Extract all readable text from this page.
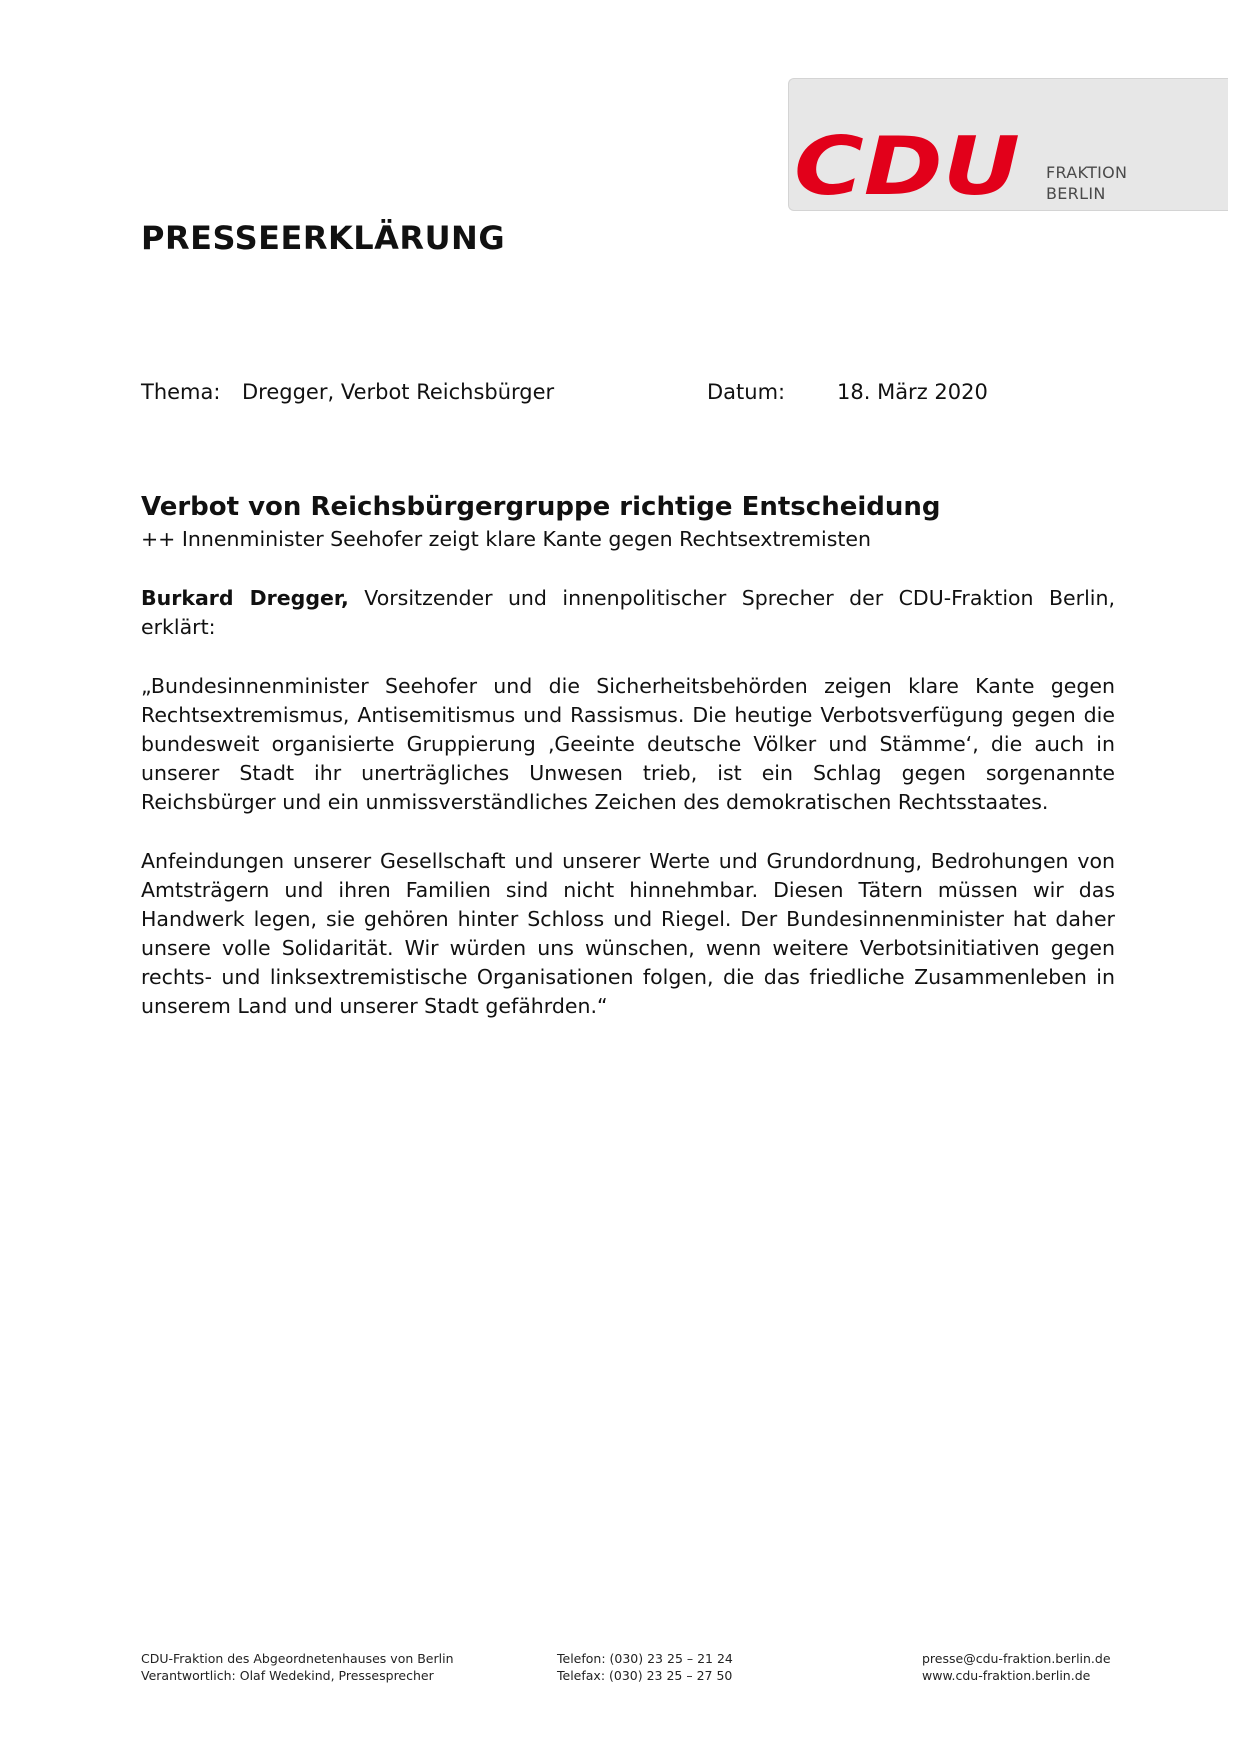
CDU FRAKTION
BERLIN
PRESSEERKLÄRUNG
Thema: Dregger, Verbot Reichsbürger	Datum: 18. März 2020

Verbot von Reichsbürgergruppe richtige Entscheidung

++ Innenminister Seehofer zeigt klare Kante gegen Rechtsextremisten

Burkard Dregger, Vorsitzender und innenpolitischer Sprecher der CDU-Fraktion Berlin, erklärt:

„Bundesinnenminister Seehofer und die Sicherheitsbehörden zeigen klare Kante gegen Rechtsextremismus, Antisemitismus und Rassismus. Die heutige Verbotsverfügung gegen die bundesweit organisierte Gruppierung ‚Geeinte deutsche Völker und Stämme‘, die auch in unserer Stadt ihr unerträgliches Unwesen trieb, ist ein Schlag gegen sorgenannte Reichsbürger und ein unmissverständliches Zeichen des demokratischen Rechtsstaates.

Anfeindungen unserer Gesellschaft und unserer Werte und Grundordnung, Bedrohungen von Amtsträgern und ihren Familien sind nicht hinnehmbar. Diesen Tätern müssen wir das Handwerk legen, sie gehören hinter Schloss und Riegel. Der Bundesinnenminister hat daher unsere volle Solidarität. Wir würden uns wünschen, wenn weitere Verbotsinitiativen gegen rechts- und linksextremistische Organisationen folgen, die das friedliche Zusammenleben in unserem Land und unserer Stadt gefährden.“

CDU-Fraktion des Abgeordnetenhauses von Berlin
Verantwortlich: Olaf Wedekind, Pressesprecher
Telefon: (030) 23 25 – 21 24
Telefax: (030) 23 25 – 27 50
presse@cdu-fraktion.berlin.de
www.cdu-fraktion.berlin.de
